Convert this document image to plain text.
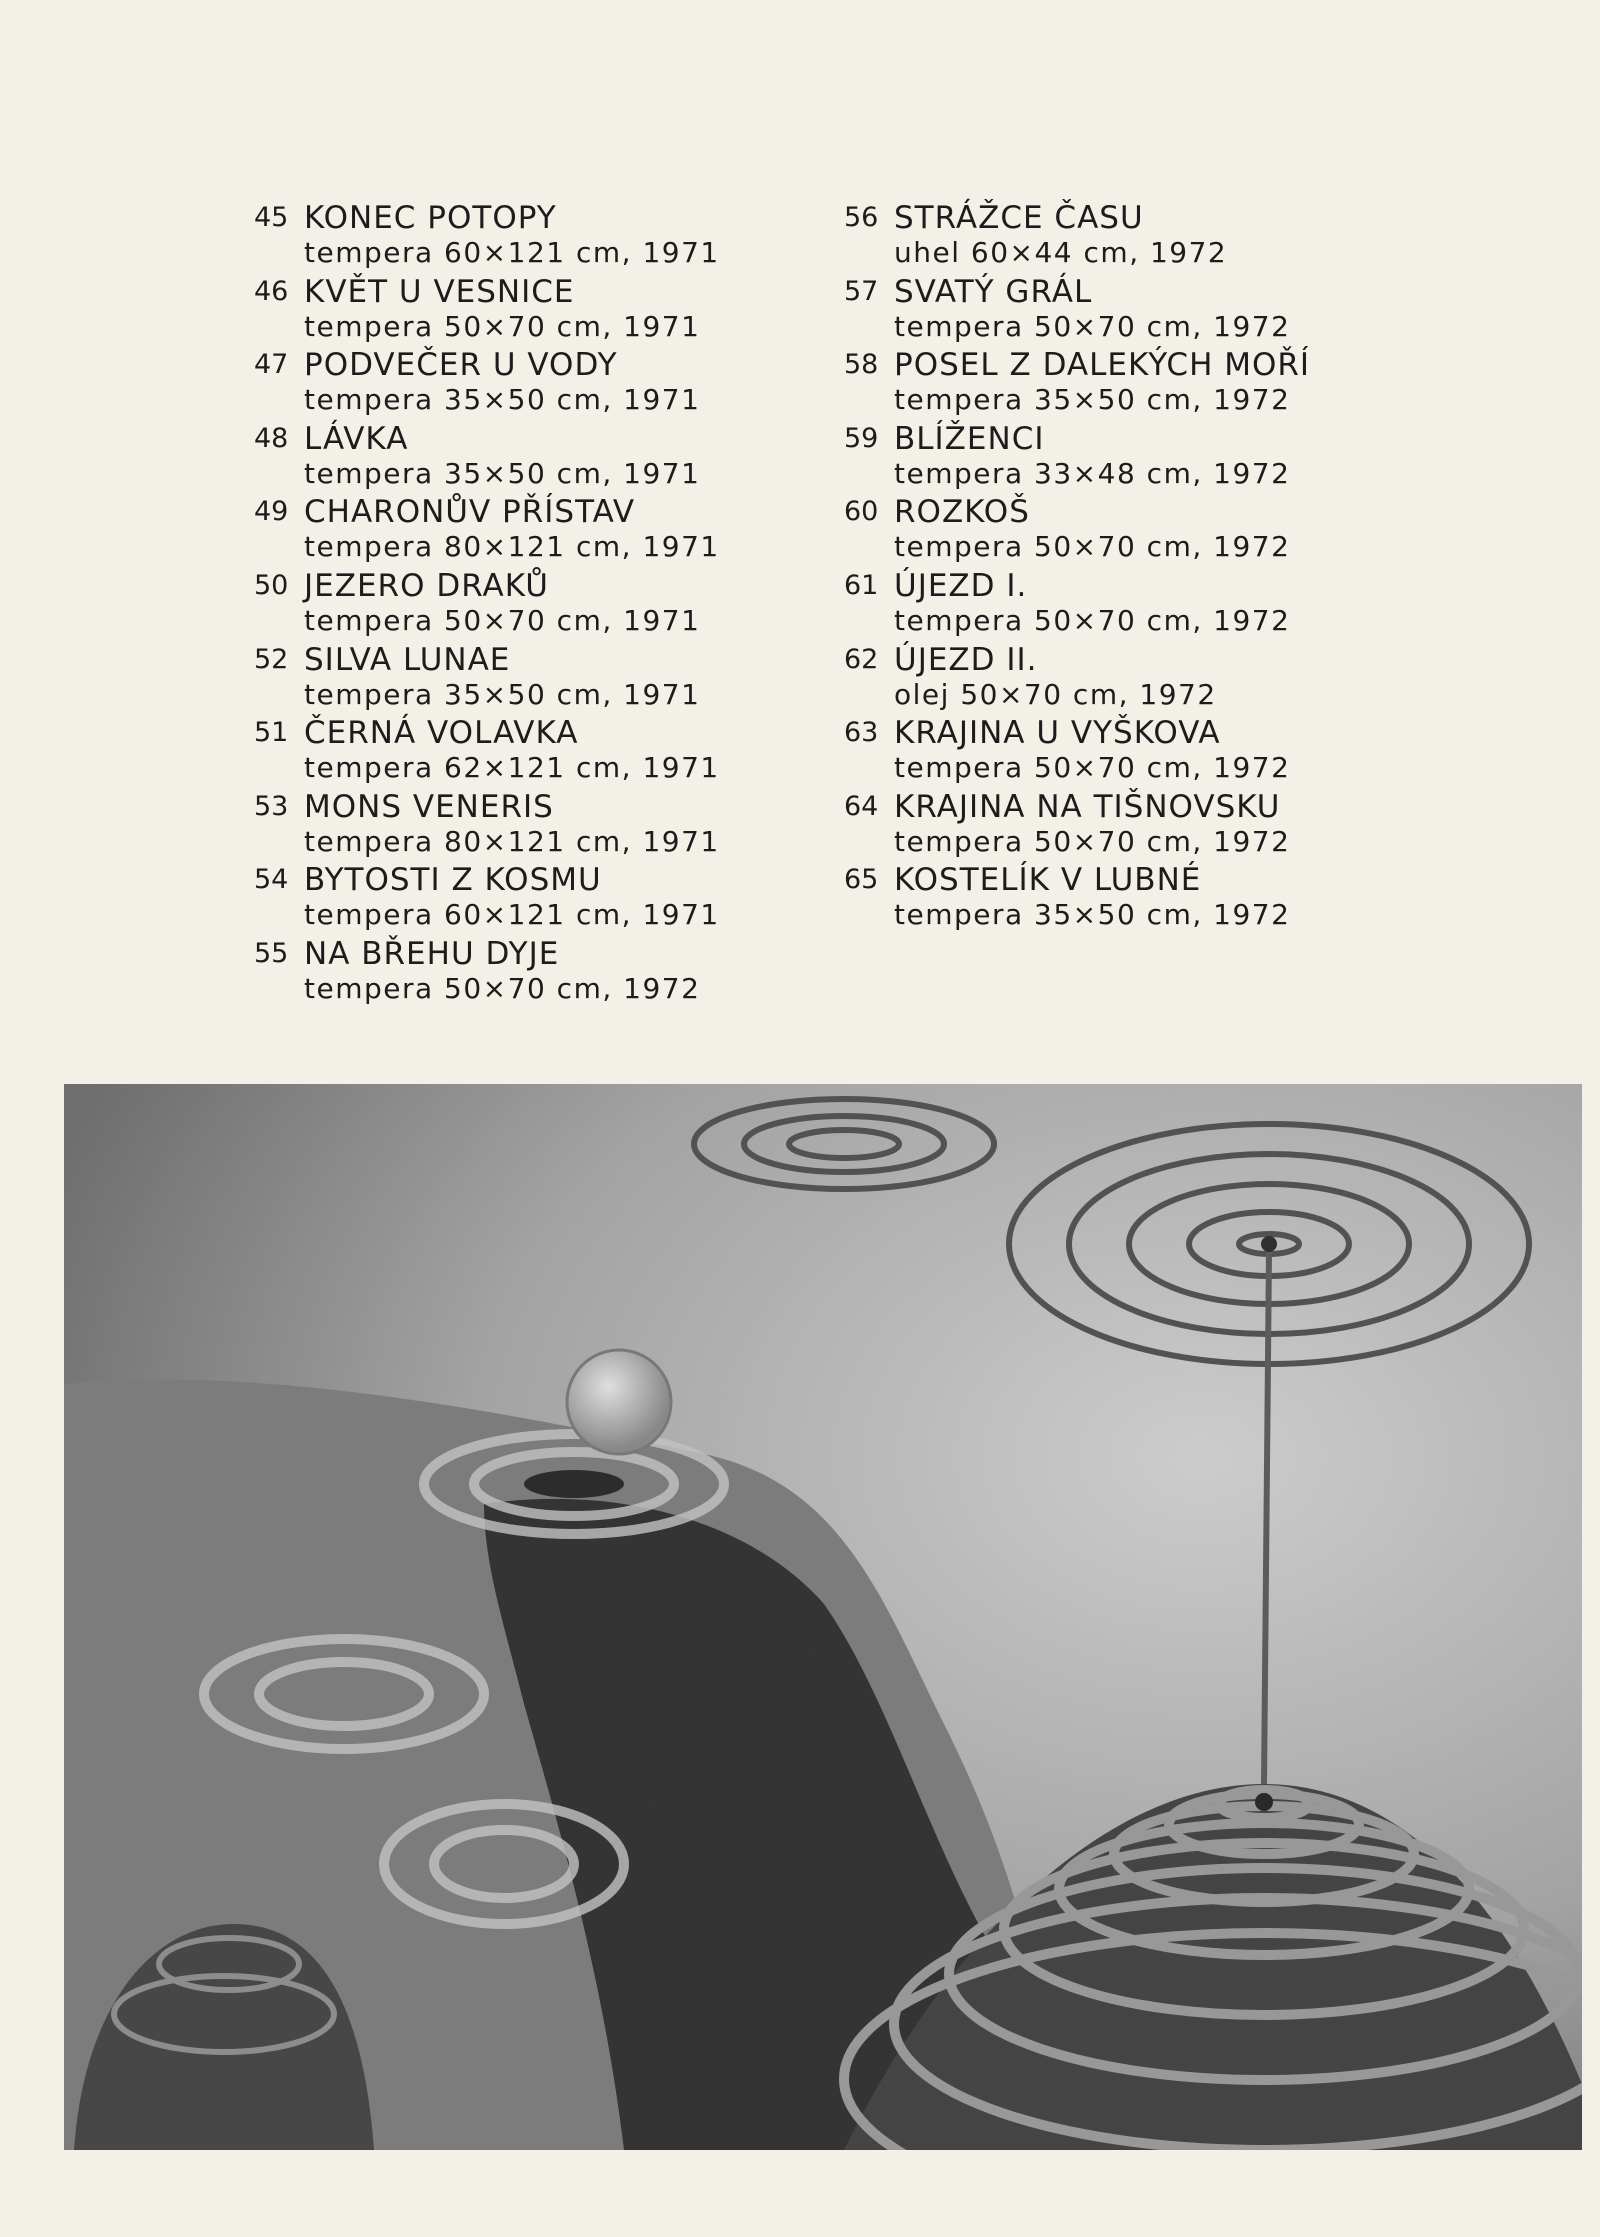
45 KONEC POTOPY
tempera 60×121 cm, 1971
46 KVĚT U VESNICE
tempera 50×70 cm, 1971
47 PODVEČER U VODY
tempera 35×50 cm, 1971
48 LÁVKA
tempera 35×50 cm, 1971
49 CHARONŮV PŘÍSTAV
tempera 80×121 cm, 1971
50 JEZERO DRAKŮ
tempera 50×70 cm, 1971
52 SILVA LUNAE
tempera 35×50 cm, 1971
51 ČERNÁ VOLAVKA
tempera 62×121 cm, 1971
53 MONS VENERIS
tempera 80×121 cm, 1971
54 BYTOSTI Z KOSMU
tempera 60×121 cm, 1971
55 NA BŘEHU DYJE
tempera 50×70 cm, 1972
56 STRÁŽCE ČASU
uhel 60×44 cm, 1972
57 SVATÝ GRÁL
tempera 50×70 cm, 1972
58 POSEL Z DALEKÝCH MOŘÍ
tempera 35×50 cm, 1972
59 BLÍŽENCI
tempera 33×48 cm, 1972
60 ROZKOŠ
tempera 50×70 cm, 1972
61 ÚJEZD I.
tempera 50×70 cm, 1972
62 ÚJEZD II.
olej 50×70 cm, 1972
63 KRAJINA U VYŠKOVA
tempera 50×70 cm, 1972
64 KRAJINA NA TIŠNOVSKU
tempera 50×70 cm, 1972
65 KOSTELÍK V LUBNÉ
tempera 35×50 cm, 1972
